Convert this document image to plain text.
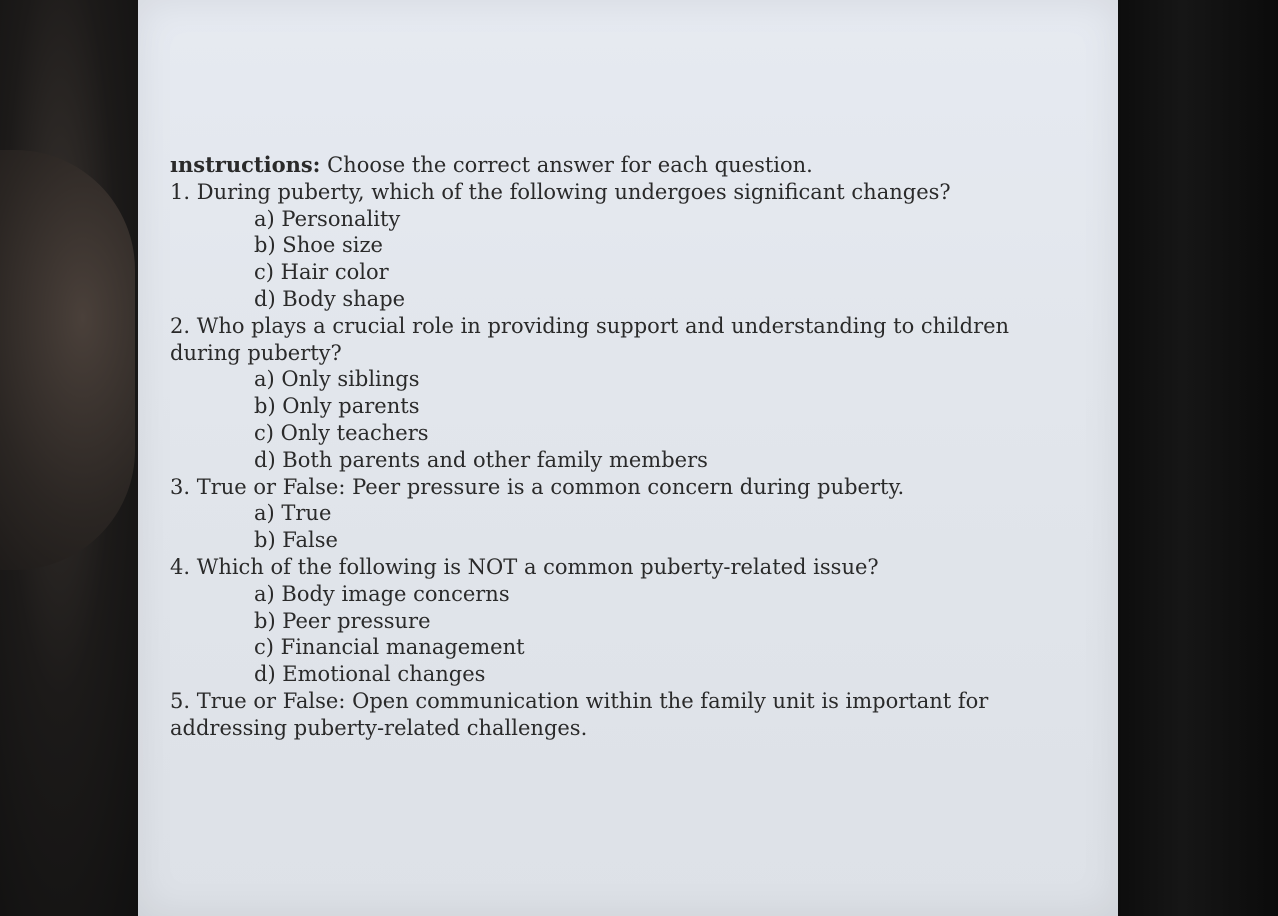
ınstructions: Choose the correct answer for each question.
1. During puberty, which of the following undergoes significant changes?
a) Personality
b) Shoe size
c) Hair color
d) Body shape
2. Who plays a crucial role in providing support and understanding to children
during puberty?
a) Only siblings
b) Only parents
c) Only teachers
d) Both parents and other family members
3. True or False: Peer pressure is a common concern during puberty.
a) True
b) False
4. Which of the following is NOT a common puberty-related issue?
a) Body image concerns
b) Peer pressure
c) Financial management
d) Emotional changes
5. True or False: Open communication within the family unit is important for
addressing puberty-related challenges.
